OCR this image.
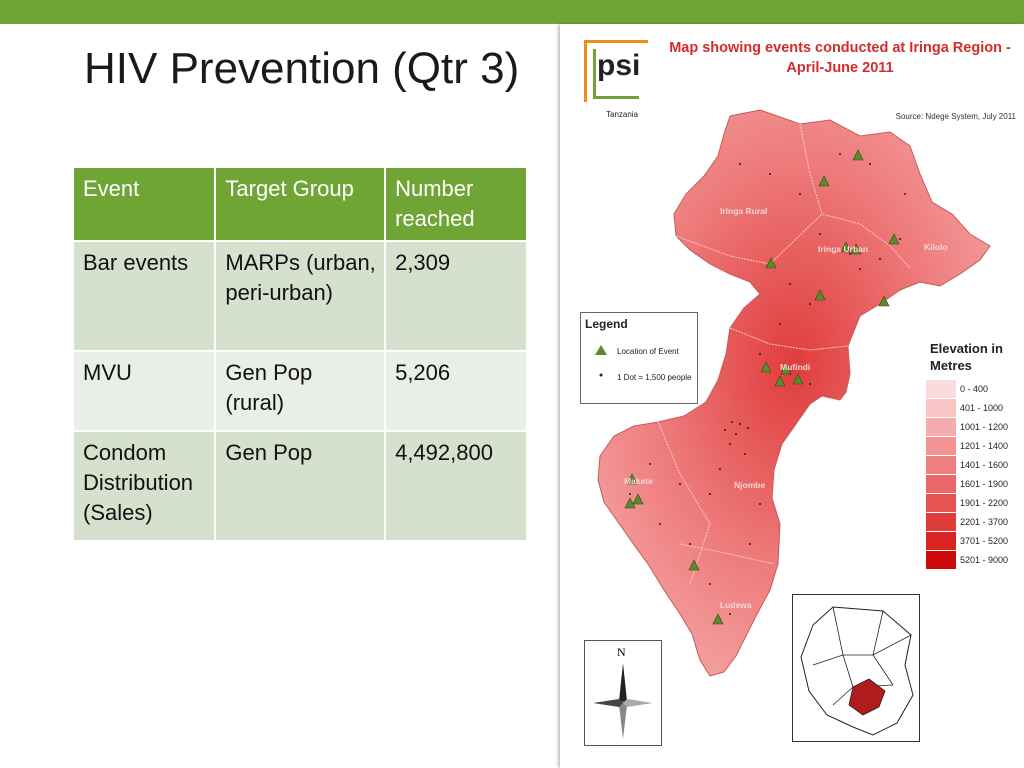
HIV Prevention (Qtr 3)
Event	Target Group	Number reached
Bar events	MARPs (urban, peri-urban)	2,309
MVU	Gen Pop (rural)	5,206
Condom Distribution (Sales)	Gen Pop	4,492,800
Iringa Rural
Iringa Urban	Kilolo
Mufindi
Makete	Njombe
Ludewa
psi
Tanzania
Map showing events conducted at Iringa Region - April-June 2011
Source: Ndege System, July 2011
Legend
Location of Event
1 Dot = 1,500 people
Elevation in Metres
0 - 400
401 - 1000
1001 - 1200
1201 - 1400
1401 - 1600
1601 - 1900
1901 - 2200
2201 - 3700
3701 - 5200
5201 - 9000
N
